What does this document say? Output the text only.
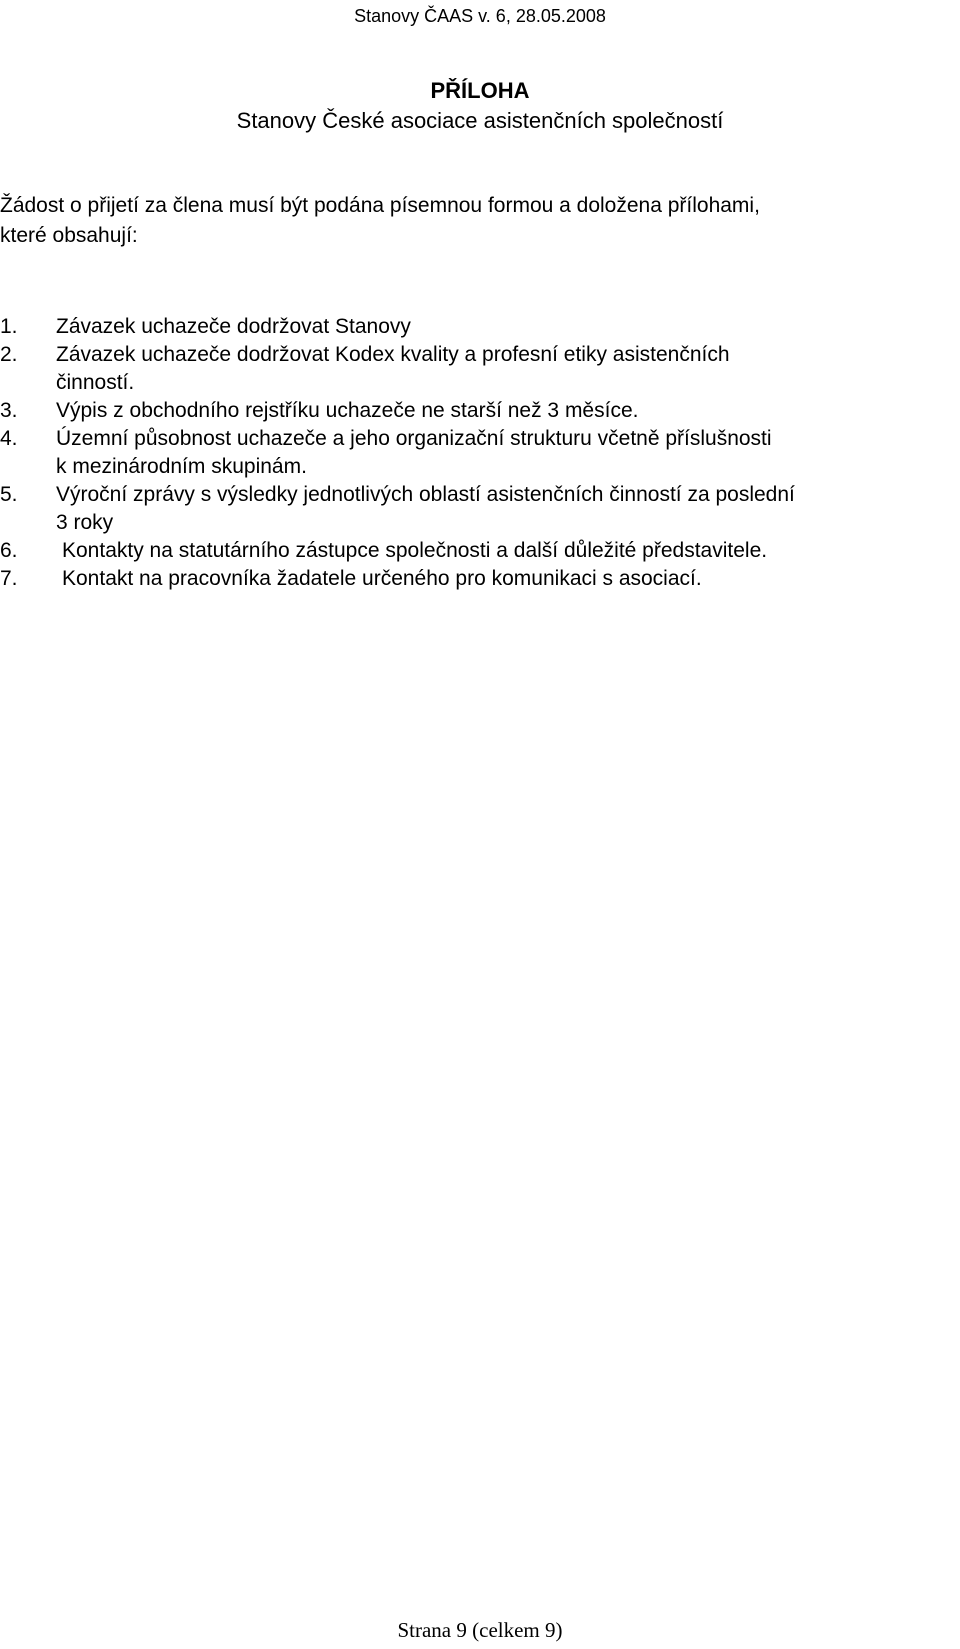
Stanovy ČAAS v. 6, 28.05.2008
PŘÍLOHA
Stanovy České asociace asistenčních společností
Žádost o přijetí za člena musí být podána písemnou formou a doložena přílohami,
které obsahují:
1. Závazek uchazeče dodržovat Stanovy
2. Závazek uchazeče dodržovat Kodex kvality a profesní etiky asistenčních
činností.
3. Výpis z obchodního rejstříku uchazeče ne starší než 3 měsíce.
4. Územní působnost uchazeče a jeho organizační strukturu včetně příslušnosti
k mezinárodním skupinám.
5. Výroční zprávy s výsledky jednotlivých oblastí asistenčních činností za poslední
3 roky
6. Kontakty na statutárního zástupce společnosti a další důležité představitele.
7. Kontakt na pracovníka žadatele určeného pro komunikaci s asociací.
Strana 9 (celkem 9)
